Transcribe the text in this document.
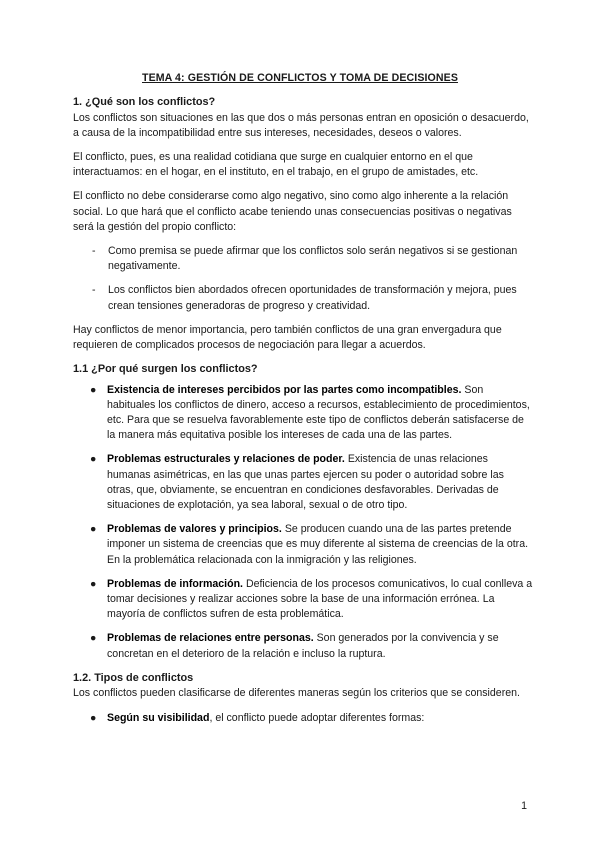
TEMA 4: GESTIÓN DE CONFLICTOS Y TOMA DE DECISIONES
1. ¿Qué son los conflictos?

Los conflictos son situaciones en las que dos o más personas entran en oposición o desacuerdo, a causa de la incompatibilidad entre sus intereses, necesidades, deseos o valores.

El conflicto, pues, es una realidad cotidiana que surge en cualquier entorno en el que interactuamos: en el hogar, en el instituto, en el trabajo, en el grupo de amistades, etc.

El conflicto no debe considerarse como algo negativo, sino como algo inherente a la relación social. Lo que hará que el conflicto acabe teniendo unas consecuencias positivas o negativas será la gestión del propio conflicto:

- Como premisa se puede afirmar que los conflictos solo serán negativos si se gestionan negativamente.
- Los conflictos bien abordados ofrecen oportunidades de transformación y mejora, pues crean tensiones generadoras de progreso y creatividad.

Hay conflictos de menor importancia, pero también conflictos de una gran envergadura que requieren de complicados procesos de negociación para llegar a acuerdos.

1.1 ¿Por qué surgen los conflictos?
● Existencia de intereses percibidos por las partes como incompatibles. Son habituales los conflictos de dinero, acceso a recursos, establecimiento de procedimientos, etc. Para que se resuelva favorablemente este tipo de conflictos deberán satisfacerse de la manera más equitativa posible los intereses de cada una de las partes.
● Problemas estructurales y relaciones de poder. Existencia de unas relaciones humanas asimétricas, en las que unas partes ejercen su poder o autoridad sobre las otras, que, obviamente, se encuentran en condiciones desfavorables. Derivadas de situaciones de explotación, ya sea laboral, sexual o de otro tipo.
● Problemas de valores y principios. Se producen cuando una de las partes pretende imponer un sistema de creencias que es muy diferente al sistema de creencias de la otra. En la problemática relacionada con la inmigración y las religiones.
● Problemas de información. Deficiencia de los procesos comunicativos, lo cual conlleva a tomar decisiones y realizar acciones sobre la base de una información errónea. La mayoría de conflictos sufren de esta problemática.
● Problemas de relaciones entre personas. Son generados por la convivencia y se concretan en el deterioro de la relación e incluso la ruptura.
1.2. Tipos de conflictos

Los conflictos pueden clasificarse de diferentes maneras según los criterios que se consideren.

● Según su visibilidad, el conflicto puede adoptar diferentes formas:
1
